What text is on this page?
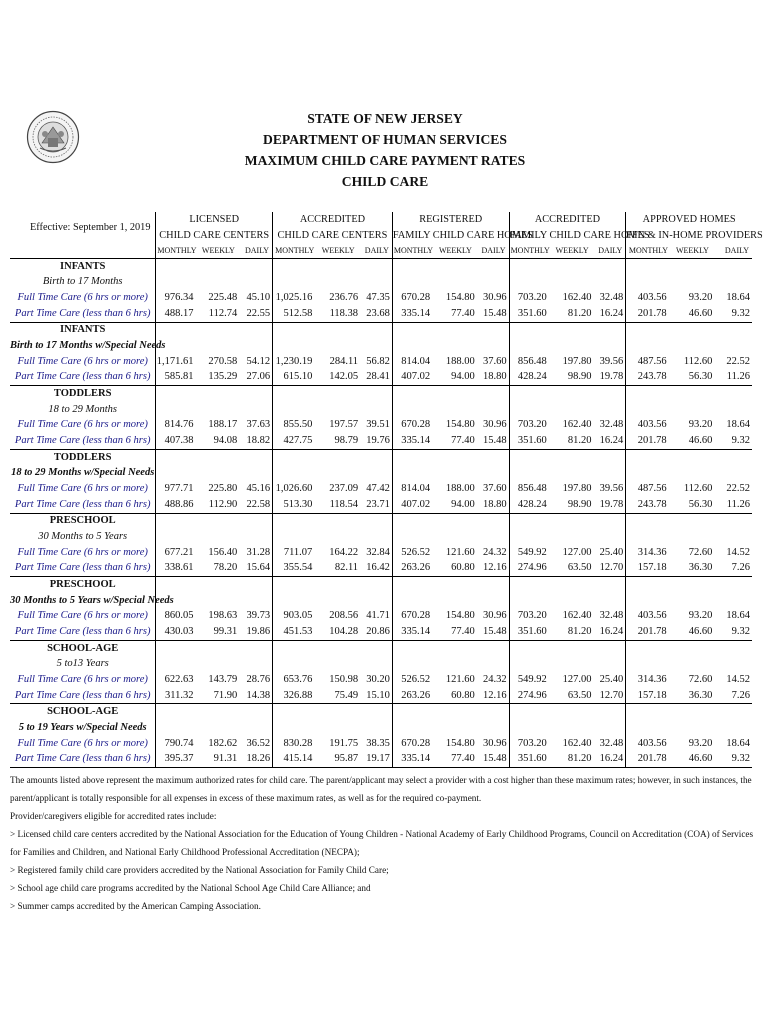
STATE OF NEW JERSEY
DEPARTMENT OF HUMAN SERVICES
MAXIMUM CHILD CARE PAYMENT RATES
CHILD CARE
Effective: September 1, 2019	LICENSED			ACCREDITED			REGISTERED			ACCREDITED			APPROVED HOMES		
	CHILD CARE CENTERS			CHILD CARE CENTERS			FAMILY CHILD CARE HOMES			FAMILY CHILD CARE HOMES			FFN & IN-HOME PROVIDERS		
	MONTHLY	WEEKLY	DAILY	MONTHLY	WEEKLY	DAILY	MONTHLY	WEEKLY	DAILY	MONTHLY	WEEKLY	DAILY	MONTHLY	WEEKLY	DAILY
INFANTS															
Birth to 17 Months															
Full Time Care (6 hrs or more)	976.34	225.48	45.10	1,025.16	236.76	47.35	670.28	154.80	30.96	703.20	162.40	32.48	403.56	93.20	18.64
Part Time Care (less than 6 hrs)	488.17	112.74	22.55	512.58	118.38	23.68	335.14	77.40	15.48	351.60	81.20	16.24	201.78	46.60	9.32
INFANTS															
Birth to 17 Months w/Special Needs															
Full Time Care (6 hrs or more)	1,171.61	270.58	54.12	1,230.19	284.11	56.82	814.04	188.00	37.60	856.48	197.80	39.56	487.56	112.60	22.52
Part Time Care (less than 6 hrs)	585.81	135.29	27.06	615.10	142.05	28.41	407.02	94.00	18.80	428.24	98.90	19.78	243.78	56.30	11.26
TODDLERS															
18 to 29 Months															
Full Time Care (6 hrs or more)	814.76	188.17	37.63	855.50	197.57	39.51	670.28	154.80	30.96	703.20	162.40	32.48	403.56	93.20	18.64
Part Time Care (less than 6 hrs)	407.38	94.08	18.82	427.75	98.79	19.76	335.14	77.40	15.48	351.60	81.20	16.24	201.78	46.60	9.32
TODDLERS															
18 to 29 Months w/Special Needs															
Full Time Care (6 hrs or more)	977.71	225.80	45.16	1,026.60	237.09	47.42	814.04	188.00	37.60	856.48	197.80	39.56	487.56	112.60	22.52
Part Time Care (less than 6 hrs)	488.86	112.90	22.58	513.30	118.54	23.71	407.02	94.00	18.80	428.24	98.90	19.78	243.78	56.30	11.26
PRESCHOOL															
30 Months to 5 Years															
Full Time Care (6 hrs or more)	677.21	156.40	31.28	711.07	164.22	32.84	526.52	121.60	24.32	549.92	127.00	25.40	314.36	72.60	14.52
Part Time Care (less than 6 hrs)	338.61	78.20	15.64	355.54	82.11	16.42	263.26	60.80	12.16	274.96	63.50	12.70	157.18	36.30	7.26
PRESCHOOL															
30 Months to 5 Years w/Special Needs															
Full Time Care (6 hrs or more)	860.05	198.63	39.73	903.05	208.56	41.71	670.28	154.80	30.96	703.20	162.40	32.48	403.56	93.20	18.64
Part Time Care (less than 6 hrs)	430.03	99.31	19.86	451.53	104.28	20.86	335.14	77.40	15.48	351.60	81.20	16.24	201.78	46.60	9.32
SCHOOL-AGE															
5 to13 Years															
Full Time Care (6 hrs or more)	622.63	143.79	28.76	653.76	150.98	30.20	526.52	121.60	24.32	549.92	127.00	25.40	314.36	72.60	14.52
Part Time Care (less than 6 hrs)	311.32	71.90	14.38	326.88	75.49	15.10	263.26	60.80	12.16	274.96	63.50	12.70	157.18	36.30	7.26
SCHOOL-AGE															
5 to 19 Years w/Special Needs															
Full Time Care (6 hrs or more)	790.74	182.62	36.52	830.28	191.75	38.35	670.28	154.80	30.96	703.20	162.40	32.48	403.56	93.20	18.64
Part Time Care (less than 6 hrs)	395.37	91.31	18.26	415.14	95.87	19.17	335.14	77.40	15.48	351.60	81.20	16.24	201.78	46.60	9.32

The amounts listed above represent the maximum authorized rates for child care. The parent/applicant may select a provider with a cost higher than these maximum rates; however, in such instances, the parent/applicant is totally responsible for all expenses in excess of these maximum rates, as well as for the required co-payment.

Provider/caregivers eligible for accredited rates include:

> Licensed child care centers accredited by the National Association for the Education of Young Children - National Academy of Early Childhood Programs, Council on Accreditation (COA) of Services for Families and Children, and National Early Childhood Professional Accreditation (NECPA);

> Registered family child care providers accredited by the National Association for Family Child Care;

> School age child care programs accredited by the National School Age Child Care Alliance; and

> Summer camps accredited by the American Camping Association.
